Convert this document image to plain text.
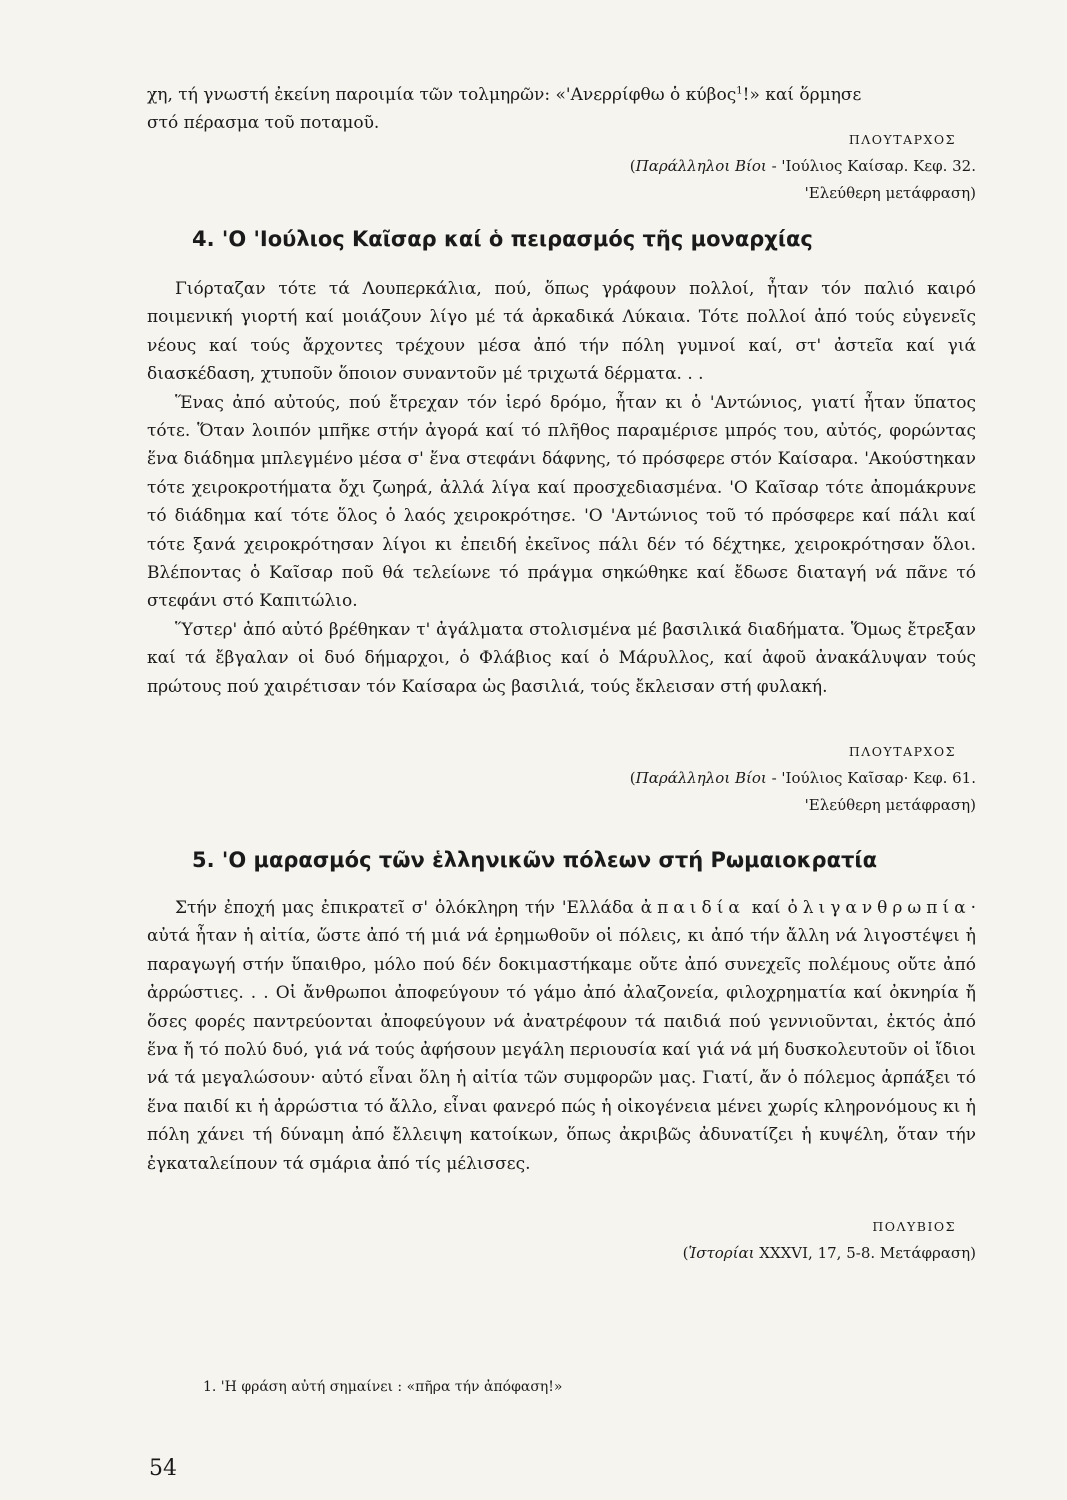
χη, τή γνωστή ἐκείνη παροιμία τῶν τολμηρῶν: «'Ανερρίφθω ὁ κύβος$^1$!» καί ὅρμησε
στό πέρασμα τοῦ ποταμοῦ.

ΠΛΟΥΤΑΡΧΟΣ
(Παράλληλοι Βίοι - 'Ιούλιος Καίσαρ. Κεφ. 32.
'Ελεύθερη μετάφραση)
4. 'Ο 'Ιούλιος Καῖσαρ καί ὁ πειρασμός τῆς μοναρχίας

Γιόρταζαν τότε τά Λουπερκάλια, πού, ὅπως γράφουν πολλοί, ἦταν τόν παλιό καιρό ποιμενική γιορτή καί μοιάζουν λίγο μέ τά ἀρκαδικά Λύκαια. Τότε πολλοί ἀπό τούς εὐγενεῖς νέους καί τούς ἄρχοντες τρέχουν μέσα ἀπό τήν πόλη γυμνοί καί, στ' ἀστεῖα καί γιά διασκέδαση, χτυποῦν ὅποιον συναντοῦν μέ τριχωτά δέρματα. . .

Ἕνας ἀπό αὐτούς, πού ἔτρεχαν τόν ἱερό δρόμο, ἦταν κι ὁ 'Αντώνιος, γιατί ἦταν ὕπατος τότε. Ὅταν λοιπόν μπῆκε στήν ἀγορά καί τό πλῆθος παραμέρισε μπρός του, αὐτός, φορώντας ἕνα διάδημα μπλεγμένο μέσα σ' ἕνα στεφάνι δάφνης, τό πρόσφερε στόν Καίσαρα. 'Ακούστηκαν τότε χειροκροτήματα ὄχι ζωηρά, ἀλλά λίγα καί προσχεδιασμένα. 'Ο Καῖσαρ τότε ἀπομάκρυνε τό διάδημα καί τότε ὅλος ὁ λαός χειροκρότησε. 'Ο 'Αντώνιος τοῦ τό πρόσφερε καί πάλι καί τότε ξανά χειροκρότησαν λίγοι κι ἐπειδή ἐκεῖνος πάλι δέν τό δέχτηκε, χειροκρότησαν ὅλοι. Βλέποντας ὁ Καῖσαρ ποῦ θά τελείωνε τό πράγμα σηκώθηκε καί ἔδωσε διαταγή νά πᾶνε τό στεφάνι στό Καπιτώλιο.

Ὕστερ' ἀπό αὐτό βρέθηκαν τ' ἀγάλματα στολισμένα μέ βασιλικά διαδήματα. Ὅμως ἔτρεξαν καί τά ἔβγαλαν οἱ δυό δήμαρχοι, ὁ Φλάβιος καί ὁ Μάρυλλος, καί ἀφοῦ ἀνακάλυψαν τούς πρώτους πού χαιρέτισαν τόν Καίσαρα ὡς βασιλιά, τούς ἔκλεισαν στή φυλακή.

ΠΛΟΥΤΑΡΧΟΣ
(Παράλληλοι Βίοι - 'Ιούλιος Καῖσαρ· Κεφ. 61.
'Ελεύθερη μετάφραση)
5. 'Ο μαρασμός τῶν ἑλληνικῶν πόλεων στή Ρωμαιοκρατία

Στήν ἐποχή μας ἐπικρατεῖ σ' ὁλόκληρη τήν 'Ελλάδα ἀπαιδία καί ὀλιγανθρωπία· αὐτά ἦταν ἡ αἰτία, ὥστε ἀπό τή μιά νά ἐρημωθοῦν οἱ πόλεις, κι ἀπό τήν ἄλλη νά λιγοστέψει ἡ παραγωγή στήν ὕπαιθρο, μόλο πού δέν δοκιμαστήκαμε οὔτε ἀπό συνεχεῖς πολέμους οὔτε ἀπό ἀρρώστιες. . . Οἱ ἄνθρωποι ἀποφεύγουν τό γάμο ἀπό ἀλαζονεία, φιλοχρηματία καί ὀκνηρία ἤ ὅσες φορές παντρεύονται ἀποφεύγουν νά ἀνατρέφουν τά παιδιά πού γεννιοῦνται, ἐκτός ἀπό ἕνα ἤ τό πολύ δυό, γιά νά τούς ἀφήσουν μεγάλη περιουσία καί γιά νά μή δυσκολευτοῦν οἱ ἴδιοι νά τά μεγαλώσουν· αὐτό εἶναι ὅλη ἡ αἰτία τῶν συμφορῶν μας. Γιατί, ἄν ὁ πόλεμος ἁρπάξει τό ἕνα παιδί κι ἡ ἀρρώστια τό ἄλλο, εἶναι φανερό πώς ἡ οἰκογένεια μένει χωρίς κληρονόμους κι ἡ πόλη χάνει τή δύναμη ἀπό ἔλλειψη κατοίκων, ὅπως ἀκριβῶς ἀδυνατίζει ἡ κυψέλη, ὅταν τήν ἐγκαταλείπουν τά σμάρια ἀπό τίς μέλισσες.

ΠΟΛΥΒΙΟΣ
(Ἱστορίαι XXXVI, 17, 5-8. Μετάφραση)

1. 'Η φράση αὐτή σημαίνει : «πῆρα τήν ἀπόφαση!»

54
